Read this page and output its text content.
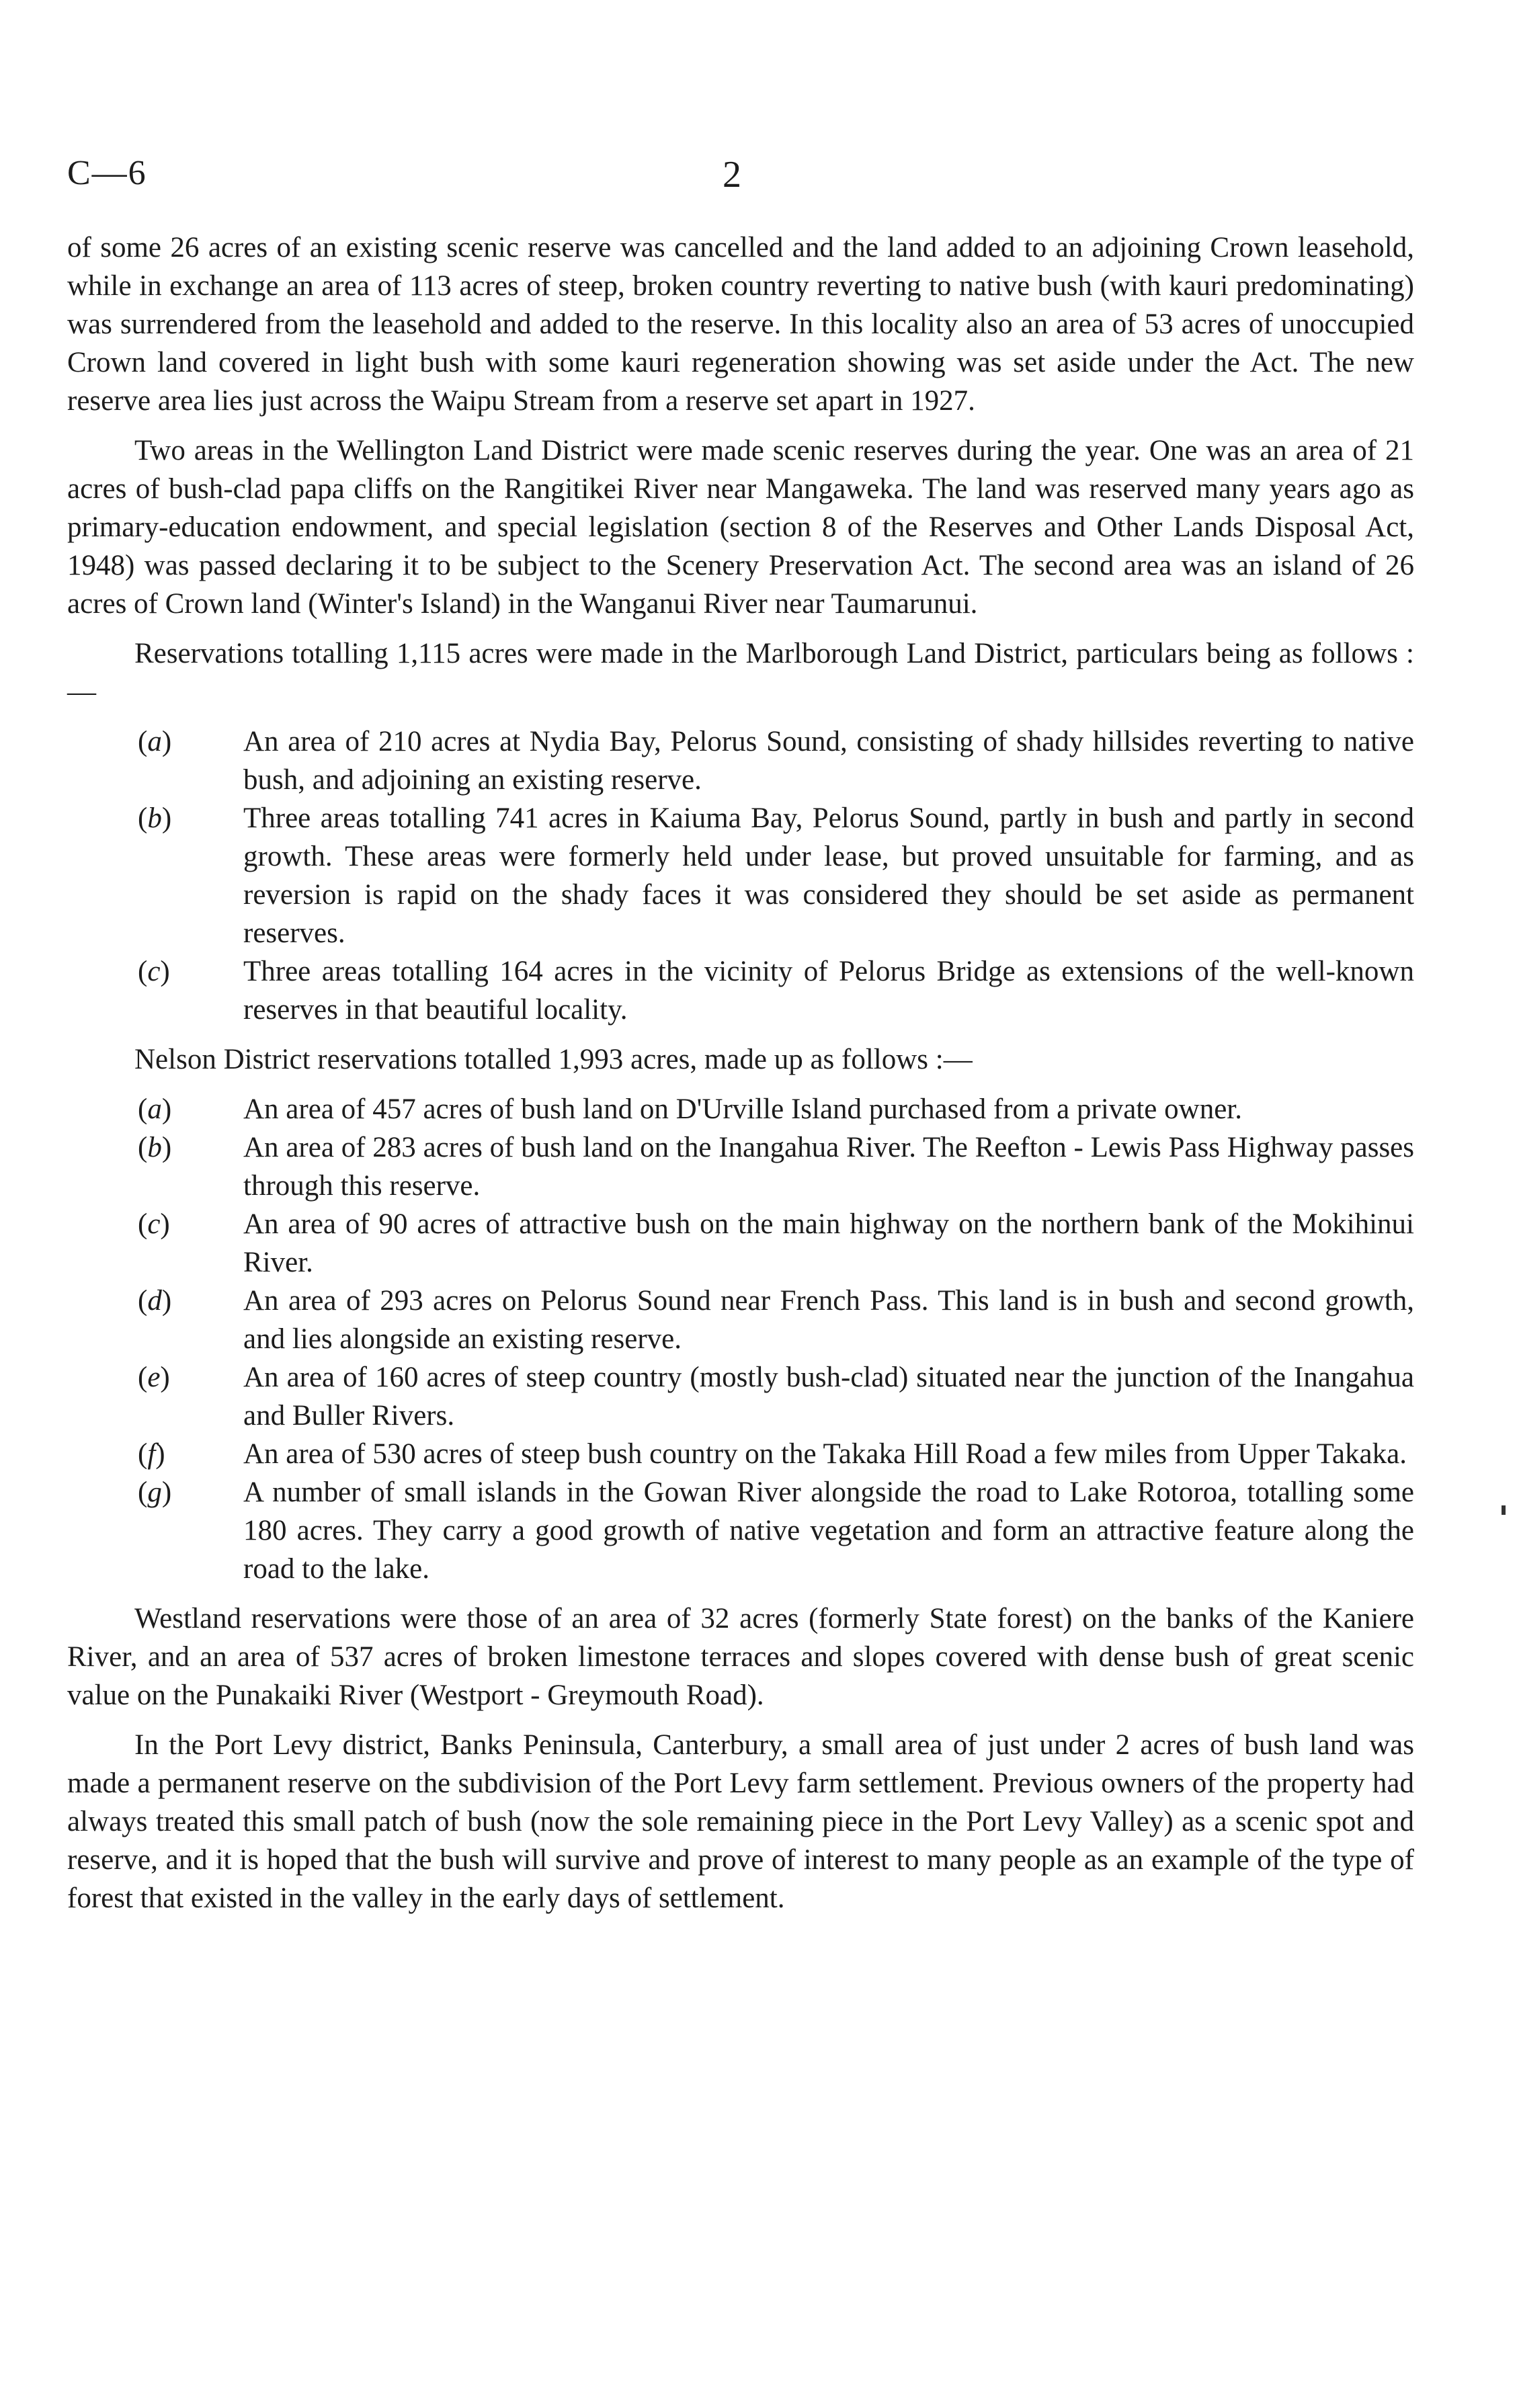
C—6	2

of some 26 acres of an existing scenic reserve was cancelled and the land added to an adjoining Crown leasehold, while in exchange an area of 113 acres of steep, broken country reverting to native bush (with kauri predominating) was surrendered from the leasehold and added to the reserve. In this locality also an area of 53 acres of unoccupied Crown land covered in light bush with some kauri regeneration showing was set aside under the Act. The new reserve area lies just across the Waipu Stream from a reserve set apart in 1927.

Two areas in the Wellington Land District were made scenic reserves during the year. One was an area of 21 acres of bush-clad papa cliffs on the Rangitikei River near Mangaweka. The land was reserved many years ago as primary-education endowment, and special legislation (section 8 of the Reserves and Other Lands Disposal Act, 1948) was passed declaring it to be subject to the Scenery Preservation Act. The second area was an island of 26 acres of Crown land (Winter's Island) in the Wanganui River near Taumarunui.

Reservations totalling 1,115 acres were made in the Marlborough Land District, particulars being as follows :—

(a) An area of 210 acres at Nydia Bay, Pelorus Sound, consisting of shady hillsides reverting to native bush, and adjoining an existing reserve.
(b) Three areas totalling 741 acres in Kaiuma Bay, Pelorus Sound, partly in bush and partly in second growth. These areas were formerly held under lease, but proved unsuitable for farming, and as reversion is rapid on the shady faces it was considered they should be set aside as permanent reserves.
(c)	Three areas totalling 164 acres in the vicinity of Pelorus Bridge as extensions of the well-known reserves in that beautiful locality.

Nelson District reservations totalled 1,993 acres, made up as follows :—

(a) An area of 457 acres of bush land on D'Urville Island purchased from a private owner.
(b) An area of 283 acres of bush land on the Inangahua River. The Reefton - Lewis Pass Highway passes through this reserve.
(c)	An area of 90 acres of attractive bush on the main highway on the northern bank of the Mokihinui River.
(d) An area of 293 acres on Pelorus Sound near French Pass. This land is in bush and second growth, and lies alongside an existing reserve.
(e)	An area of 160 acres of steep country (mostly bush-clad) situated near the junction of the Inangahua and Buller Rivers.
(f)	An area of 530 acres of steep bush country on the Takaka Hill Road a few miles from Upper Takaka.
(g) A number of small islands in the Gowan River alongside the road to Lake Rotoroa, totalling some 180 acres. They carry a good growth of native vegetation and form an attractive feature along the road to the lake.

Westland reservations were those of an area of 32 acres (formerly State forest) on the banks of the Kaniere River, and an area of 537 acres of broken limestone terraces and slopes covered with dense bush of great scenic value on the Punakaiki River (Westport - Greymouth Road).

In the Port Levy district, Banks Peninsula, Canterbury, a small area of just under 2 acres of bush land was made a permanent reserve on the subdivision of the Port Levy farm settlement. Previous owners of the property had always treated this small patch of bush (now the sole remaining piece in the Port Levy Valley) as a scenic spot and reserve, and it is hoped that the bush will survive and prove of interest to many people as an example of the type of forest that existed in the valley in the early days of settlement.
